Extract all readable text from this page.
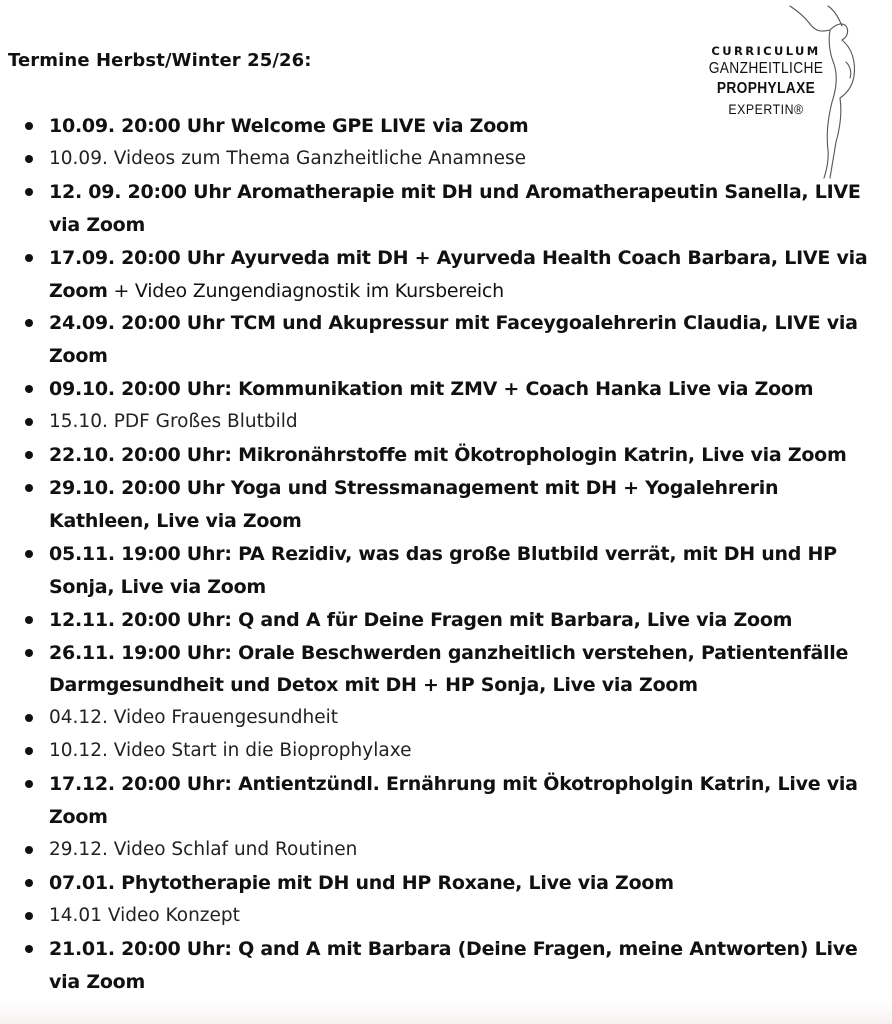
Termine Herbst/Winter 25/26:	CURRICULUM
GANZHEITLICHE
PROPHYLAXE
EXPERTIN®
10.09. 20:00 Uhr Welcome GPE LIVE via Zoom
10.09. Videos zum Thema Ganzheitliche Anamnese
12. 09. 20:00 Uhr Aromatherapie mit DH und Aromatherapeutin Sanella, LIVE via Zoom
17.09. 20:00 Uhr Ayurveda mit DH + Ayurveda Health Coach Barbara, LIVE via Zoom + Video Zungendiagnostik im Kursbereich
24.09. 20:00 Uhr TCM und Akupressur mit Faceygoalehrerin Claudia, LIVE via Zoom
09.10. 20:00 Uhr: Kommunikation mit ZMV + Coach Hanka Live via Zoom
15.10. PDF Großes Blutbild
22.10. 20:00 Uhr: Mikronährstoffe mit Ökotrophologin Katrin, Live via Zoom
29.10. 20:00 Uhr Yoga und Stressmanagement mit DH + Yogalehrerin Kathleen, Live via Zoom
05.11. 19:00 Uhr: PA Rezidiv, was das große Blutbild verrät, mit DH und HP Sonja, Live via Zoom
12.11. 20:00 Uhr: Q and A für Deine Fragen mit Barbara, Live via Zoom
26.11. 19:00 Uhr: Orale Beschwerden ganzheitlich verstehen, Patientenfälle Darmgesundheit und Detox mit DH + HP Sonja, Live via Zoom
04.12. Video Frauengesundheit
10.12. Video Start in die Bioprophylaxe
17.12. 20:00 Uhr: Antientzündl. Ernährung mit Ökotropholgin Katrin, Live via Zoom
29.12. Video Schlaf und Routinen
07.01. Phytotherapie mit DH und HP Roxane, Live via Zoom
14.01 Video Konzept
21.01. 20:00 Uhr: Q and A mit Barbara (Deine Fragen, meine Antworten) Live via Zoom
